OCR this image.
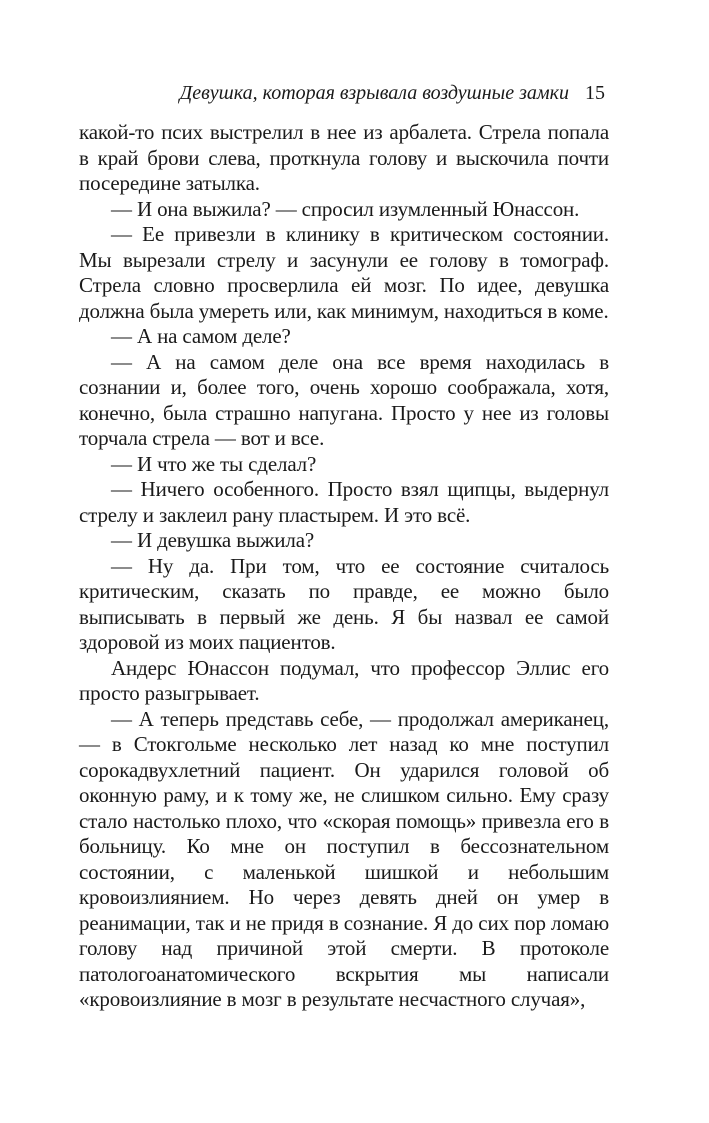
Девушка, которая взрывала воздушные замки 15

какой-то псих выстрелил в нее из арбалета. Стрела попала в край брови слева, проткнула голову и выскочила почти посередине затылка.

— И она выжила? — спросил изумленный Юнассон.

— Ее привезли в клинику в критическом состоянии. Мы вырезали стрелу и засунули ее голову в томограф. Стрела словно просверлила ей мозг. По идее, девушка должна была умереть или, как минимум, находиться в коме.

— А на самом деле?

— А на самом деле она все время находилась в сознании и, более того, очень хорошо соображала, хотя, конечно, была страшно напугана. Просто у нее из головы торчала стрела — вот и все.

— И что же ты сделал?

— Ничего особенного. Просто взял щипцы, выдернул стрелу и заклеил рану пластырем. И это всё.

— И девушка выжила?

— Ну да. При том, что ее состояние считалось критическим, сказать по правде, ее можно было выписывать в первый же день. Я бы назвал ее самой здоровой из моих пациентов.

Андерс Юнассон подумал, что профессор Эллис его просто разыгрывает.

— А теперь представь себе, — продолжал американец, — в Стокгольме несколько лет назад ко мне поступил сорокадвухлетний пациент. Он ударился головой об оконную раму, и к тому же, не слишком сильно. Ему сразу стало настолько плохо, что «скорая помощь» привезла его в больницу. Ко мне он поступил в бессознательном состоянии, с маленькой шишкой и небольшим кровоизлиянием. Но через девять дней он умер в реанимации, так и не придя в сознание. Я до сих пор ломаю голову над причиной этой смерти. В протоколе патологоанатомического вскрытия мы написали «кровоизлияние в мозг в результате несчастного случая»,
